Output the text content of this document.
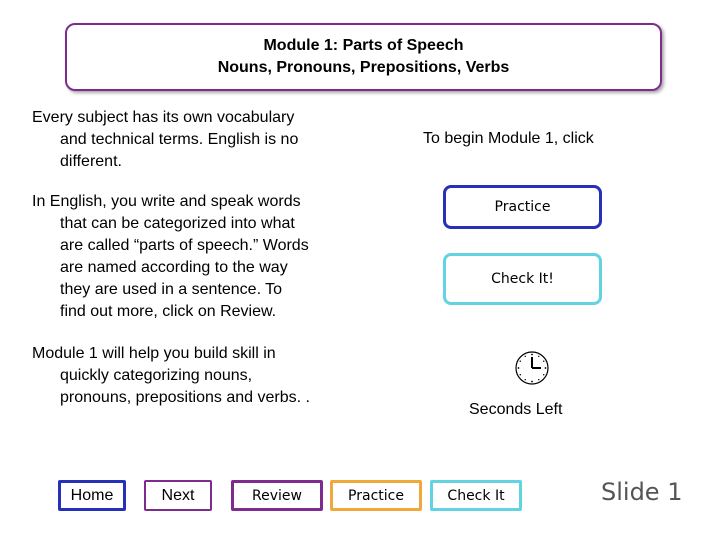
Module 1: Parts of Speech
Nouns, Pronouns, Prepositions, Verbs
Every subject has its own vocabulary
and technical terms. English is no
different.
In English, you write and speak words
that can be categorized into what
are called “parts of speech.” Words
are named according to the way
they are used in a sentence. To
find out more, click on Review.
Module 1 will help you build skill in
quickly categorizing nouns,
pronouns, prepositions and verbs. .
To begin Module 1, click
Practice
Check It!
Seconds Left
Home	Next	Review	Practice	Check It	Slide 1
